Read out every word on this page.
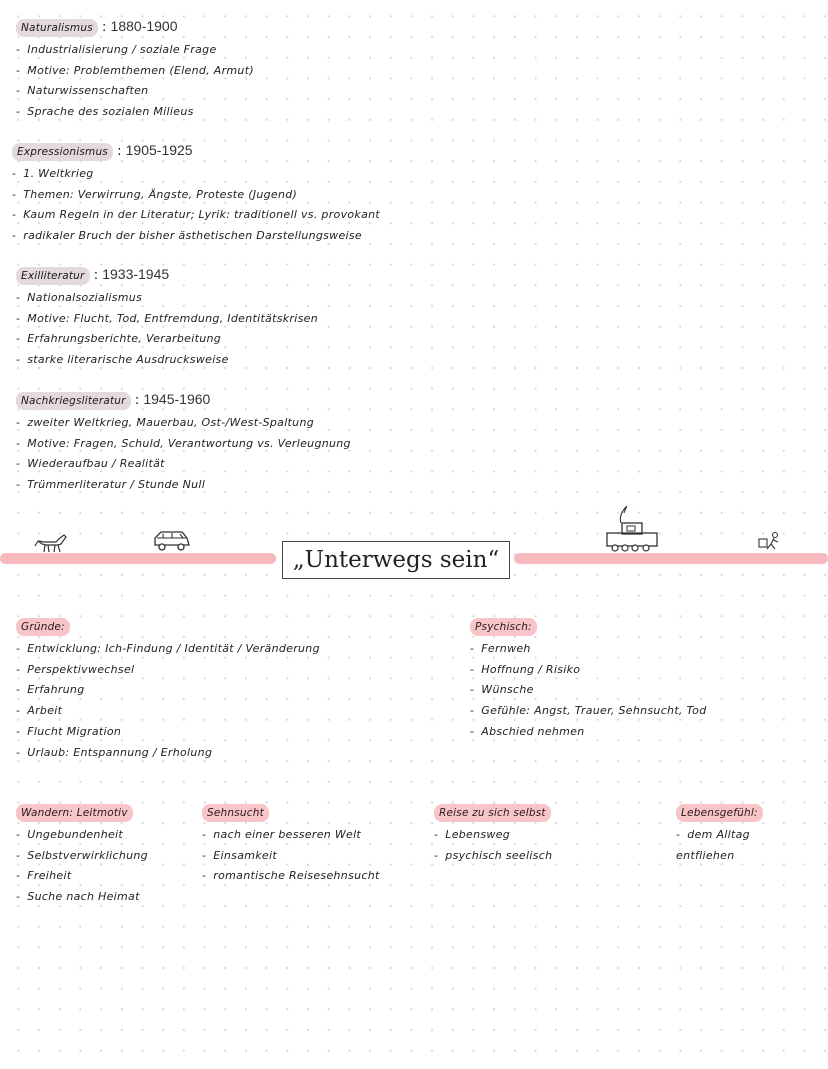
Naturalismus : 1880-1900
- Industrialisierung / soziale Frage
- Motive: Problemthemen (Elend, Armut)
- Naturwissenschaften
- Sprache des sozialen Milieus
Expressionismus : 1905-1925
- 1. Weltkrieg
- Themen: Verwirrung, Ängste, Proteste (Jugend)
- Kaum Regeln in der Literatur; Lyrik: traditionell vs. provokant
- radikaler Bruch der bisher ästhetischen Darstellungsweise
Exilliteratur : 1933-1945
- Nationalsozialismus
- Motive: Flucht, Tod, Entfremdung, Identitätskrisen
- Erfahrungsberichte, Verarbeitung
- starke literarische Ausdrucksweise
Nachkriegsliteratur : 1945-1960
- zweiter Weltkrieg, Mauerbau, Ost-/West-Spaltung
- Motive: Fragen, Schuld, Verantwortung vs. Verleugnung
- Wiederaufbau / Realität
- Trümmerliteratur / Stunde Null
„Unterwegs sein“
Gründe:
- Entwicklung: Ich-Findung / Identität / Veränderung
- Perspektivwechsel
- Erfahrung
- Arbeit
- Flucht Migration
- Urlaub: Entspannung / Erholung
Psychisch:
- Fernweh
- Hoffnung / Risiko
- Wünsche
- Gefühle: Angst, Trauer, Sehnsucht, Tod
- Abschied nehmen
Wandern: Leitmotiv
- Ungebundenheit
- Selbstverwirklichung
- Freiheit
- Suche nach Heimat
Sehnsucht
- nach einer besseren Welt
- Einsamkeit
- romantische Reisesehnsucht
Reise zu sich selbst
- Lebensweg
- psychisch seelisch
Lebensgefühl:
- dem Alltag entfliehen
